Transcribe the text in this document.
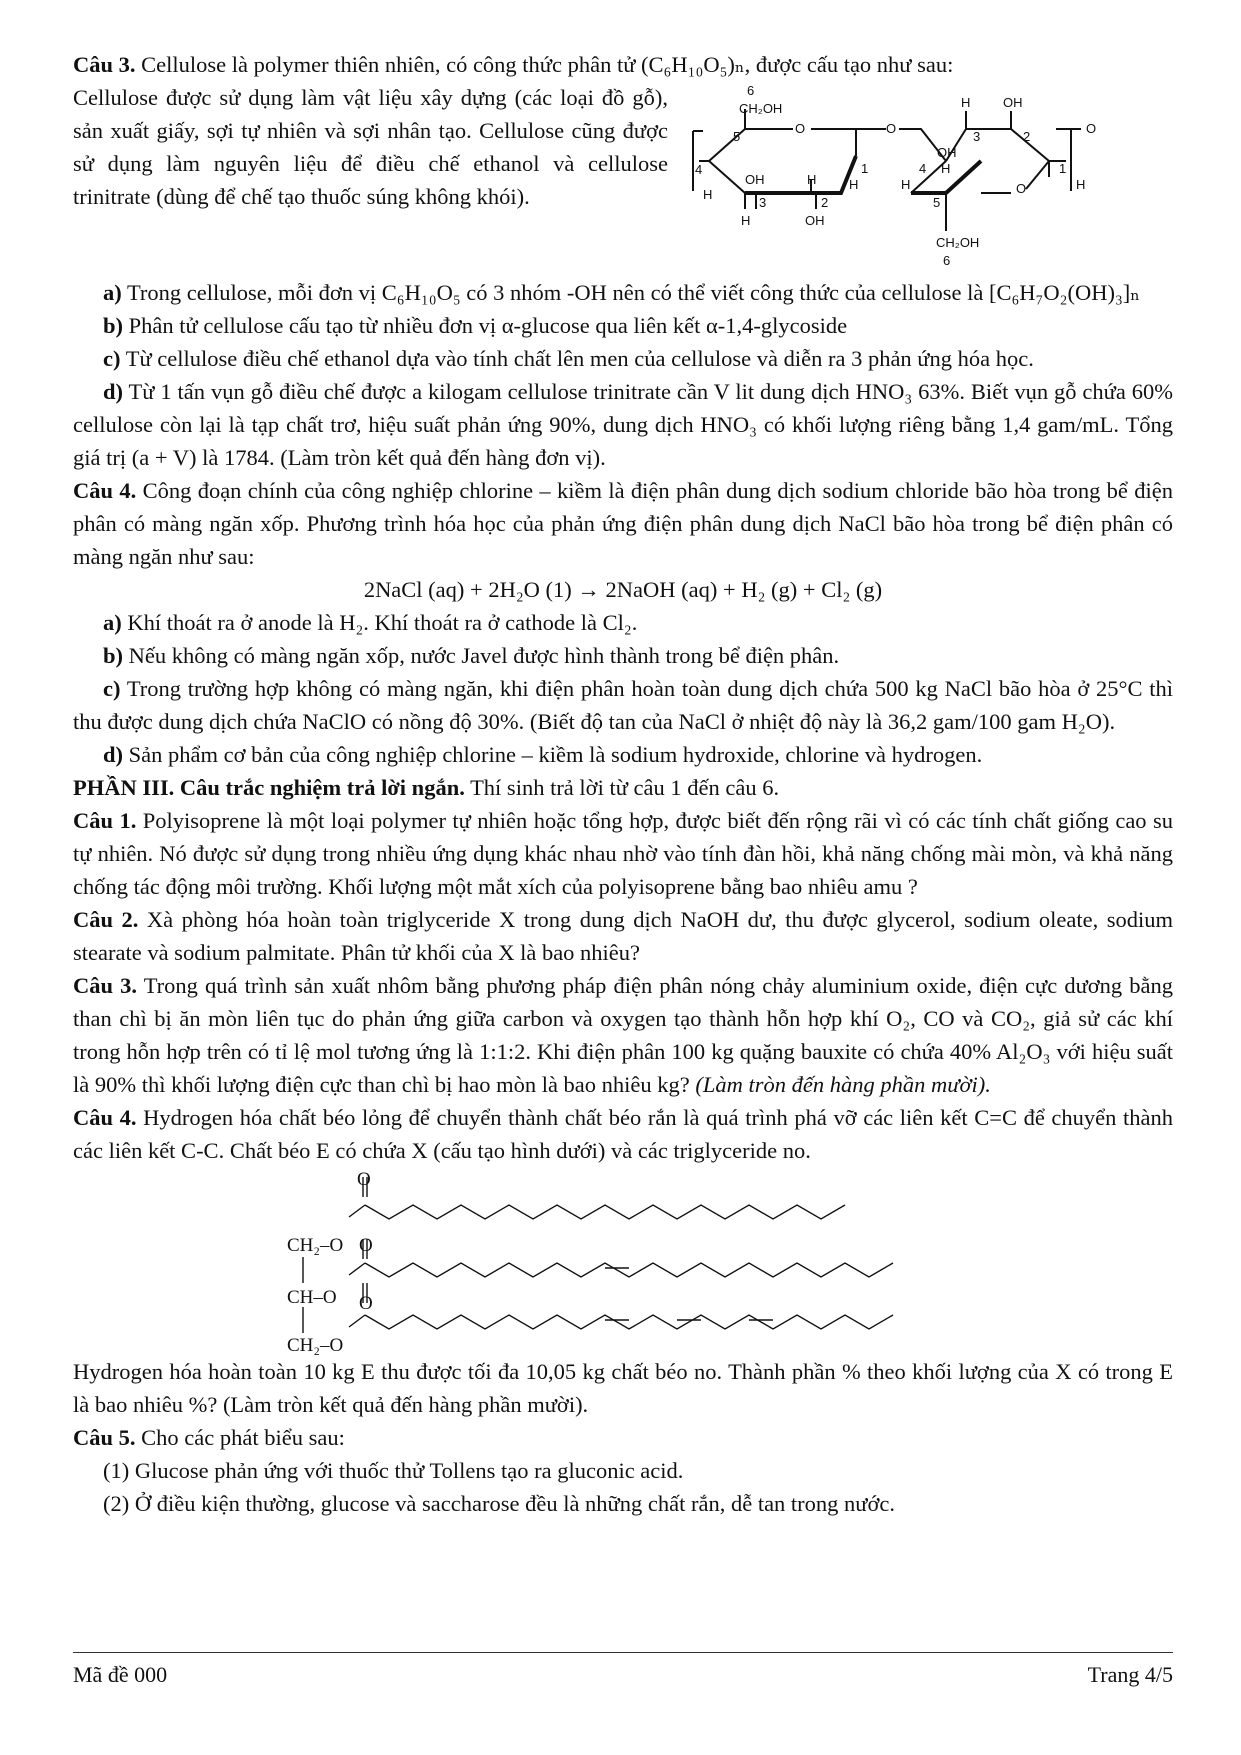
Câu 3. Cellulose là polymer thiên nhiên, có công thức phân tử (C₆H₁₀O₅)ₙ, được cấu tạo như sau:

Cellulose được sử dụng làm vật liệu xây dựng (các loại đồ gỗ), sản xuất giấy, sợi tự nhiên và sợi nhân tạo. Cellulose cũng được sử dụng làm nguyên liệu để điều chế ethanol và cellulose trinitrate (dùng để chế tạo thuốc súng không khói).

6
CH₂OH
5
O
4
OH	H
1
H
H
3	2
H	OH
O
H	OH
3	2
O
OH
H
4
H	O
1
H
5
CH₂OH
6

a) Trong cellulose, mỗi đơn vị C₆H₁₀O₅ có 3 nhóm -OH nên có thể viết công thức của cellulose là [C₆H₇O₂(OH)₃]ₙ

b) Phân tử cellulose cấu tạo từ nhiều đơn vị α-glucose qua liên kết α-1,4-glycoside

c) Từ cellulose điều chế ethanol dựa vào tính chất lên men của cellulose và diễn ra 3 phản ứng hóa học.

d) Từ 1 tấn vụn gỗ điều chế được a kilogam cellulose trinitrate cần V lit dung dịch HNO₃ 63%. Biết vụn gỗ chứa 60% cellulose còn lại là tạp chất trơ, hiệu suất phản ứng 90%, dung dịch HNO₃ có khối lượng riêng bằng 1,4 gam/mL. Tổng giá trị (a + V) là 1784. (Làm tròn kết quả đến hàng đơn vị).

Câu 4. Công đoạn chính của công nghiệp chlorine – kiềm là điện phân dung dịch sodium chloride bão hòa trong bể điện phân có màng ngăn xốp. Phương trình hóa học của phản ứng điện phân dung dịch NaCl bão hòa trong bể điện phân có màng ngăn như sau:

2NaCl (aq) + 2H₂O (1) → 2NaOH (aq) + H₂ (g) + Cl₂ (g)

a) Khí thoát ra ở anode là H₂. Khí thoát ra ở cathode là Cl₂.

b) Nếu không có màng ngăn xốp, nước Javel được hình thành trong bể điện phân.

c) Trong trường hợp không có màng ngăn, khi điện phân hoàn toàn dung dịch chứa 500 kg NaCl bão hòa ở 25°C thì thu được dung dịch chứa NaClO có nồng độ 30%. (Biết độ tan của NaCl ở nhiệt độ này là 36,2 gam/100 gam H₂O).

d) Sản phẩm cơ bản của công nghiệp chlorine – kiềm là sodium hydroxide, chlorine và hydrogen.

PHẦN III. Câu trắc nghiệm trả lời ngắn. Thí sinh trả lời từ câu 1 đến câu 6.

Câu 1. Polyisoprene là một loại polymer tự nhiên hoặc tổng hợp, được biết đến rộng rãi vì có các tính chất giống cao su tự nhiên. Nó được sử dụng trong nhiều ứng dụng khác nhau nhờ vào tính đàn hồi, khả năng chống mài mòn, và khả năng chống tác động môi trường. Khối lượng một mắt xích của polyisoprene bằng bao nhiêu amu ?

Câu 2. Xà phòng hóa hoàn toàn triglyceride X trong dung dịch NaOH dư, thu được glycerol, sodium oleate, sodium stearate và sodium palmitate. Phân tử khối của X là bao nhiêu?

Câu 3. Trong quá trình sản xuất nhôm bằng phương pháp điện phân nóng chảy aluminium oxide, điện cực dương bằng than chì bị ăn mòn liên tục do phản ứng giữa carbon và oxygen tạo thành hỗn hợp khí O₂, CO và CO₂, giả sử các khí trong hỗn hợp trên có tỉ lệ mol tương ứng là 1:1:2. Khi điện phân 100 kg quặng bauxite có chứa 40% Al₂O₃ với hiệu suất là 90% thì khối lượng điện cực than chì bị hao mòn là bao nhiêu kg? (Làm tròn đến hàng phần mười).

Câu 4. Hydrogen hóa chất béo lỏng để chuyển thành chất béo rắn là quá trình phá vỡ các liên kết C=C để chuyển thành các liên kết C-C. Chất béo E có chứa X (cấu tạo hình dưới) và các triglyceride no.

O
CH₂–O O
CH–O O
CH₂–O

Hydrogen hóa hoàn toàn 10 kg E thu được tối đa 10,05 kg chất béo no. Thành phần % theo khối lượng của X có trong E là bao nhiêu %? (Làm tròn kết quả đến hàng phần mười).

Câu 5. Cho các phát biểu sau:

(1) Glucose phản ứng với thuốc thử Tollens tạo ra gluconic acid.

(2) Ở điều kiện thường, glucose và saccharose đều là những chất rắn, dễ tan trong nước.

Mã đề 000	Trang 4/5
